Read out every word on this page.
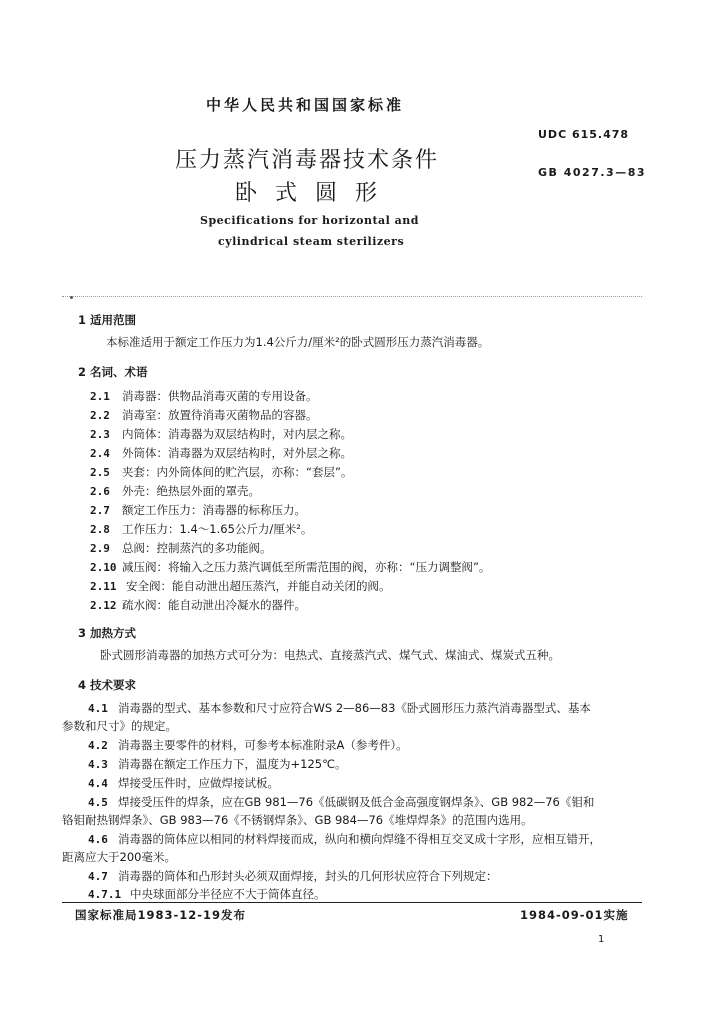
中华人民共和国国家标准
UDC 615.478
GB 4027.3—83
压力蒸汽消毒器技术条件
卧式圆形
Specifications for horizontal and
cylindrical steam sterilizers
1 适用范围
本标准适用于额定工作压力为1.4公斤力/厘米²的卧式圆形压力蒸汽消毒器。
2 名词、术语
2.1 消毒器：供物品消毒灭菌的专用设备。
2.2 消毒室：放置待消毒灭菌物品的容器。
2.3 内筒体：消毒器为双层结构时，对内层之称。
2.4 外筒体：消毒器为双层结构时，对外层之称。
2.5 夹套：内外筒体间的贮汽层，亦称：“套层”。
2.6 外壳：绝热层外面的罩壳。
2.7 额定工作压力：消毒器的标称压力。
2.8 工作压力：1.4～1.65公斤力/厘米²。
2.9 总阀：控制蒸汽的多功能阀。
2.10 减压阀：将输入之压力蒸汽调低至所需范围的阀，亦称：“压力调整阀”。
2.11 安全阀：能自动泄出超压蒸汽，并能自动关闭的阀。
2.12 疏水阀：能自动泄出冷凝水的器件。
3 加热方式
卧式圆形消毒器的加热方式可分为：电热式、直接蒸汽式、煤气式、煤油式、煤炭式五种。
4 技术要求
4.1 消毒器的型式、基本参数和尺寸应符合WS 2—86—83《卧式圆形压力蒸汽消毒器型式、基本
参数和尺寸》的规定。
4.2 消毒器主要零件的材料，可参考本标准附录A（参考件）。
4.3 消毒器在额定工作压力下，温度为+125℃。
4.4 焊接受压件时，应做焊接试板。
4.5 焊接受压件的焊条，应在GB 981—76《低碳钢及低合金高强度钢焊条》、GB 982—76《钼和
铬钼耐热钢焊条》、GB 983—76《不锈钢焊条》、GB 984—76《堆焊焊条》的范围内选用。
4.6 消毒器的筒体应以相同的材料焊接而成，纵向和横向焊缝不得相互交叉成十字形，应相互错开，
距离应大于200毫米。
4.7 消毒器的筒体和凸形封头必须双面焊接，封头的几何形状应符合下列规定：
4.7.1 中央球面部分半径应不大于筒体直径。
国家标准局1983-12-19发布	1984-09-01实施
1
